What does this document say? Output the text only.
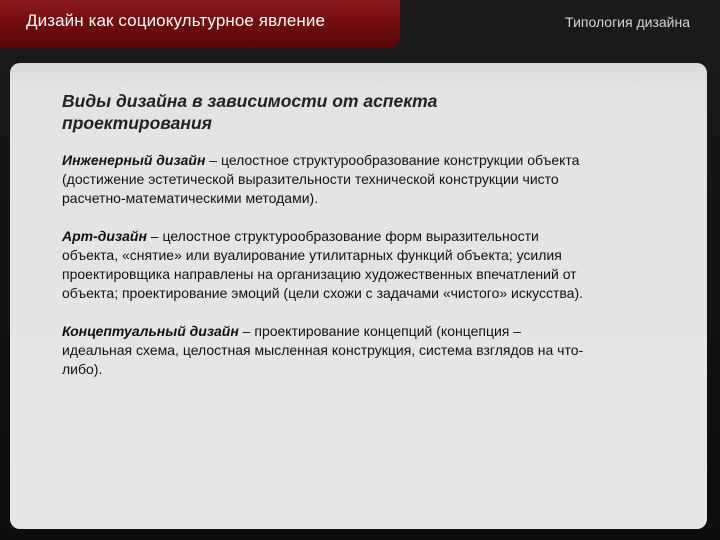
Дизайн как социокультурное явление	Типология дизайна
Виды дизайна в зависимости от аспекта
проектирования
Инженерный дизайн – целостное структурообразование конструкции объекта
(достижение эстетической выразительности технической конструкции чисто
расчетно-математическими методами).
Арт-дизайн – целостное структурообразование форм выразительности
объекта, «снятие» или вуалирование утилитарных функций объекта; усилия
проектировщика направлены на организацию художественных впечатлений от
объекта; проектирование эмоций (цели схожи с задачами «чистого» искусства).
Концептуальный дизайн – проектирование концепций (концепция –
идеальная схема, целостная мысленная конструкция, система взглядов на что-
либо).
